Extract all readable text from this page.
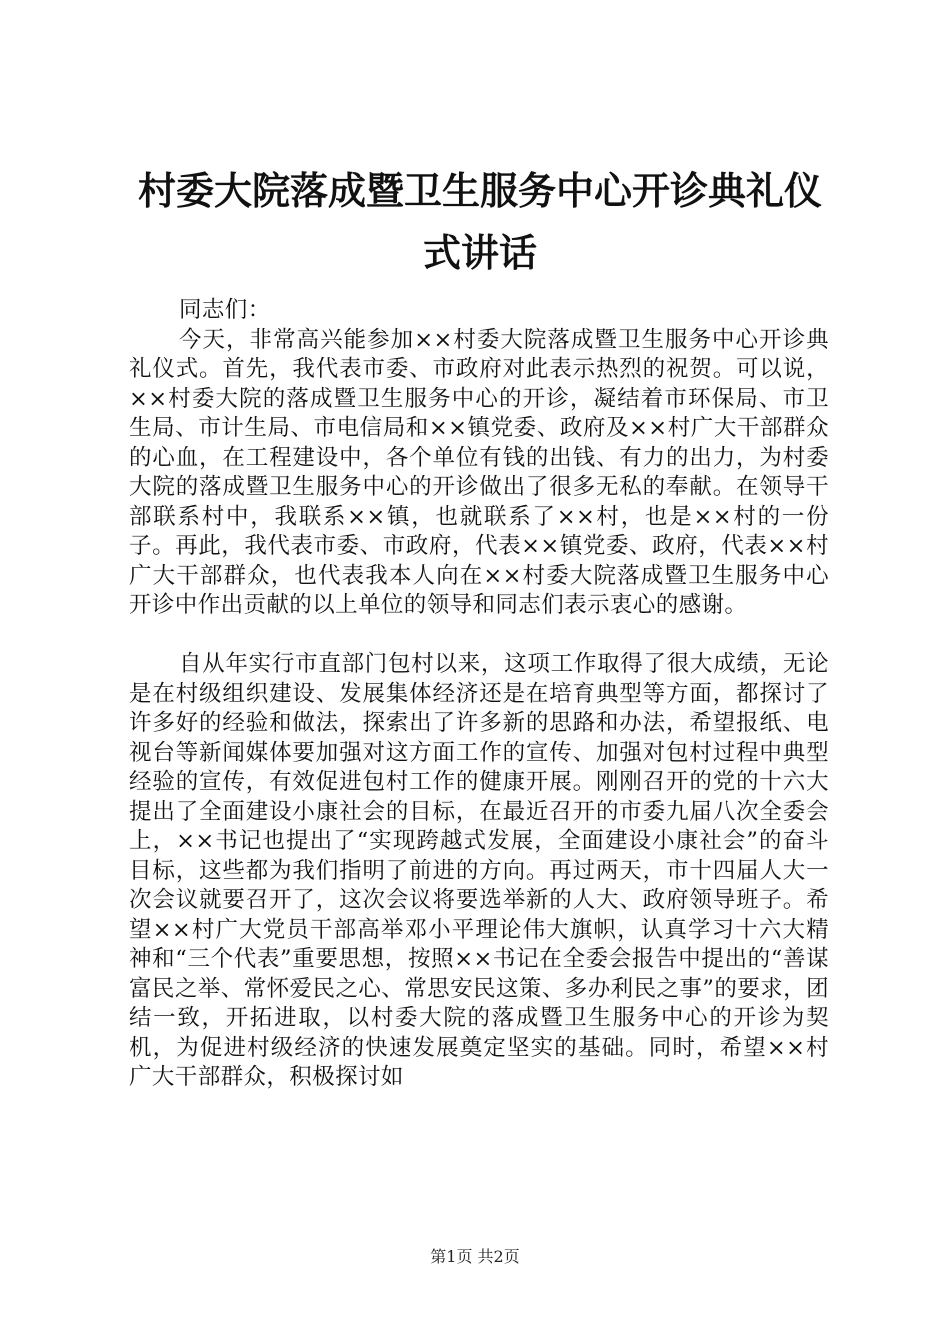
村委大院落成暨卫生服务中心开诊典礼仪式讲话

同志们：

今天，非常高兴能参加××村委大院落成暨卫生服务中心开诊典礼仪式。首先，我代表市委、市政府对此表示热烈的祝贺。可以说，××村委大院的落成暨卫生服务中心的开诊，凝结着市环保局、市卫生局、市计生局、市电信局和××镇党委、政府及××村广大干部群众的心血，在工程建设中，各个单位有钱的出钱、有力的出力，为村委大院的落成暨卫生服务中心的开诊做出了很多无私的奉献。在领导干部联系村中，我联系××镇，也就联系了××村，也是××村的一份子。再此，我代表市委、市政府，代表××镇党委、政府，代表××村广大干部群众，也代表我本人向在××村委大院落成暨卫生服务中心开诊中作出贡献的以上单位的领导和同志们表示衷心的感谢。

自从年实行市直部门包村以来，这项工作取得了很大成绩，无论是在村级组织建设、发展集体经济还是在培育典型等方面，都探讨了许多好的经验和做法，探索出了许多新的思路和办法，希望报纸、电视台等新闻媒体要加强对这方面工作的宣传、加强对包村过程中典型经验的宣传，有效促进包村工作的健康开展。刚刚召开的党的十六大提出了全面建设小康社会的目标，在最近召开的市委九届八次全委会上，××书记也提出了“实现跨越式发展，全面建设小康社会”的奋斗目标，这些都为我们指明了前进的方向。再过两天，市十四届人大一次会议就要召开了，这次会议将要选举新的人大、政府领导班子。希望××村广大党员干部高举邓小平理论伟大旗帜，认真学习十六大精神和“三个代表”重要思想，按照××书记在全委会报告中提出的“善谋富民之举、常怀爱民之心、常思安民这策、多办利民之事”的要求，团结一致，开拓进取，以村委大院的落成暨卫生服务中心的开诊为契机，为促进村级经济的快速发展奠定坚实的基础。同时，希望××村广大干部群众，积极探讨如

第1页 共2页
